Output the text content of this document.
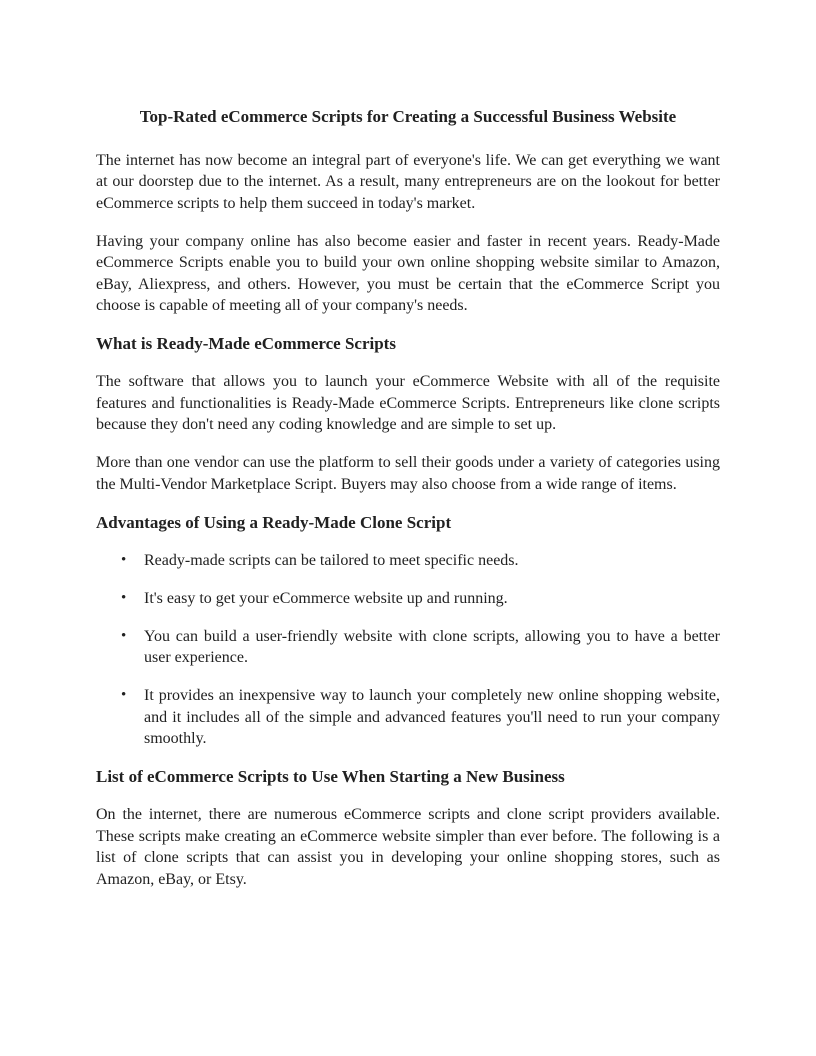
Top-Rated eCommerce Scripts for Creating a Successful Business Website

The internet has now become an integral part of everyone's life. We can get everything we want at our doorstep due to the internet. As a result, many entrepreneurs are on the lookout for better eCommerce scripts to help them succeed in today's market.

Having your company online has also become easier and faster in recent years. Ready-Made eCommerce Scripts enable you to build your own online shopping website similar to Amazon, eBay, Aliexpress, and others. However, you must be certain that the eCommerce Script you choose is capable of meeting all of your company's needs.

What is Ready-Made eCommerce Scripts

The software that allows you to launch your eCommerce Website with all of the requisite features and functionalities is Ready-Made eCommerce Scripts. Entrepreneurs like clone scripts because they don't need any coding knowledge and are simple to set up.

More than one vendor can use the platform to sell their goods under a variety of categories using the Multi-Vendor Marketplace Script. Buyers may also choose from a wide range of items.

Advantages of Using a Ready-Made Clone Script
• Ready-made scripts can be tailored to meet specific needs.
• It's easy to get your eCommerce website up and running.
• You can build a user-friendly website with clone scripts, allowing you to have a better user experience.
• It provides an inexpensive way to launch your completely new online shopping website, and it includes all of the simple and advanced features you'll need to run your company smoothly.
List of eCommerce Scripts to Use When Starting a New Business

On the internet, there are numerous eCommerce scripts and clone script providers available. These scripts make creating an eCommerce website simpler than ever before. The following is a list of clone scripts that can assist you in developing your online shopping stores, such as Amazon, eBay, or Etsy.
